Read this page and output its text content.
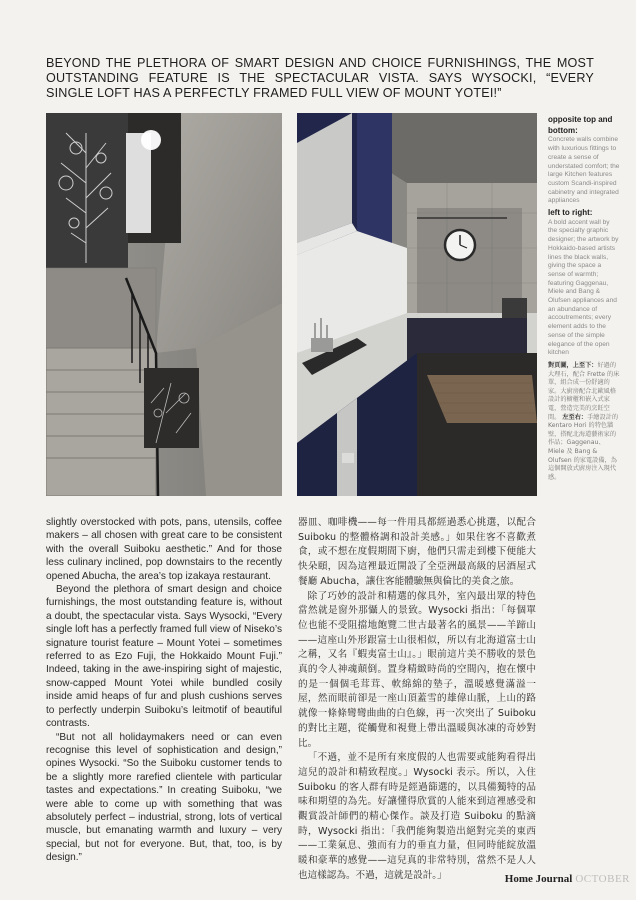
BEYOND THE PLETHORA OF SMART DESIGN AND CHOICE FURNISHINGS, THE MOST OUTSTANDING FEATURE IS THE SPECTACULAR VISTA. SAYS WYSOCKI, “EVERY SINGLE LOFT HAS A PERFECTLY FRAMED FULL VIEW OF MOUNT YOTEI!”
opposite top and bottom:
Concrete walls combine with luxurious fittings to create a sense of understated comfort; the large Kitchen features custom Scandi-inspired cabinetry and integrated appliances
left to right:
A bold accent wall by the specialty graphic designer; the artwork by Hokkaido-based artists lines the black walls, giving the space a sense of warmth; featuring Gaggenau, Miele and Bang & Olufsen appliances and an abundance of accoutrements; every element adds to the sense of the simple elegance of the open kitchen
對頁圖，上至下：好過的大理石，配合 Frette 的床單，組合成一份舒適的家。大廚房配合北歐風格設計的櫥櫃和嵌入式家電，營造完美的烹飪空間。 左至右：手繪設計的 Kentaro Hori 的特色牆壁，搭配北海道藝術家的作品；Gaggenau、Miele 及 Bang & Olufsen 的家電設備，為這個開放式廚房注入現代感。

slightly overstocked with pots, pans, utensils, coffee makers – all chosen with great care to be consistent with the overall Suiboku aesthetic.” And for those less culinary inclined, pop downstairs to the recently opened Abucha, the area’s top izakaya restaurant.

Beyond the plethora of smart design and choice furnishings, the most outstanding feature is, without a doubt, the spectacular vista. Says Wysocki, “Every single loft has a perfectly framed full view of Niseko’s signature tourist feature – Mount Yotei – sometimes referred to as Ezo Fuji, the Hokkaido Mount Fuji.” Indeed, taking in the awe-inspiring sight of majestic, snow-capped Mount Yotei while bundled cosily inside amid heaps of fur and plush cushions serves to perfectly underpin Suiboku’s leitmotif of beautiful contrasts.

“But not all holidaymakers need or can even recognise this level of sophistication and design,” opines Wysocki. “So the Suiboku customer tends to be a slightly more rarefied clientele with particular tastes and expectations.” In creating Suiboku, “we were able to come up with something that was absolutely perfect – industrial, strong, lots of vertical muscle, but emanating warmth and luxury – very special, but not for everyone. But, that, too, is by design.”

器皿、咖啡機——每一件用具都經過悉心挑選，以配合 Suiboku 的整體格調和設計美感。」如果住客不喜歡煮食，或不想在度假期間下廚，他們只需走到樓下便能大快朵頤，因為這裡最近開設了全亞洲最高級的居酒屋式餐廳 Abucha，讓住客能體驗無與倫比的美食之旅。

除了巧妙的設計和精選的傢具外，室內最出眾的特色當然就是窗外那懾人的景致。Wysocki 指出：「每個單位也能不受阻擋地飽覽二世古最著名的風景——羊蹄山——這座山外形跟富士山很相似，所以有北海道富士山之稱，又名『蝦夷富士山』。」眼前這片美不勝收的景色真的令人神魂顛倒。置身精緻時尚的空間內，抱在懷中的是一個個毛茸茸、軟綿綿的墊子，溫暖感覺滿溢一屋，然而眼前卻是一座山頂蓋雪的雄偉山脈，上山的路就像一條條彎彎曲曲的白色線，再一次突出了 Suiboku 的對比主題，從觸覺和視覺上帶出溫暖與冰凍的奇妙對比。

「不過，並不是所有來度假的人也需要或能夠看得出這兒的設計和精致程度。」Wysocki 表示。所以，入住 Suiboku 的客人群有時是經過篩選的，以具備獨特的品味和期望的為先。好讓懂得欣賞的人能來到這裡感受和觀賞設計師們的精心傑作。談及打造 Suiboku 的點滴時，Wysocki 指出：「我們能夠製造出絕對完美的東西——工業氣息、強而有力的垂直力量，但同時能綻放溫暖和豪華的感覺——這兒真的非常特別，當然不是人人也這樣認為。不過，這就是設計。」	Home Journal OCTOBER
